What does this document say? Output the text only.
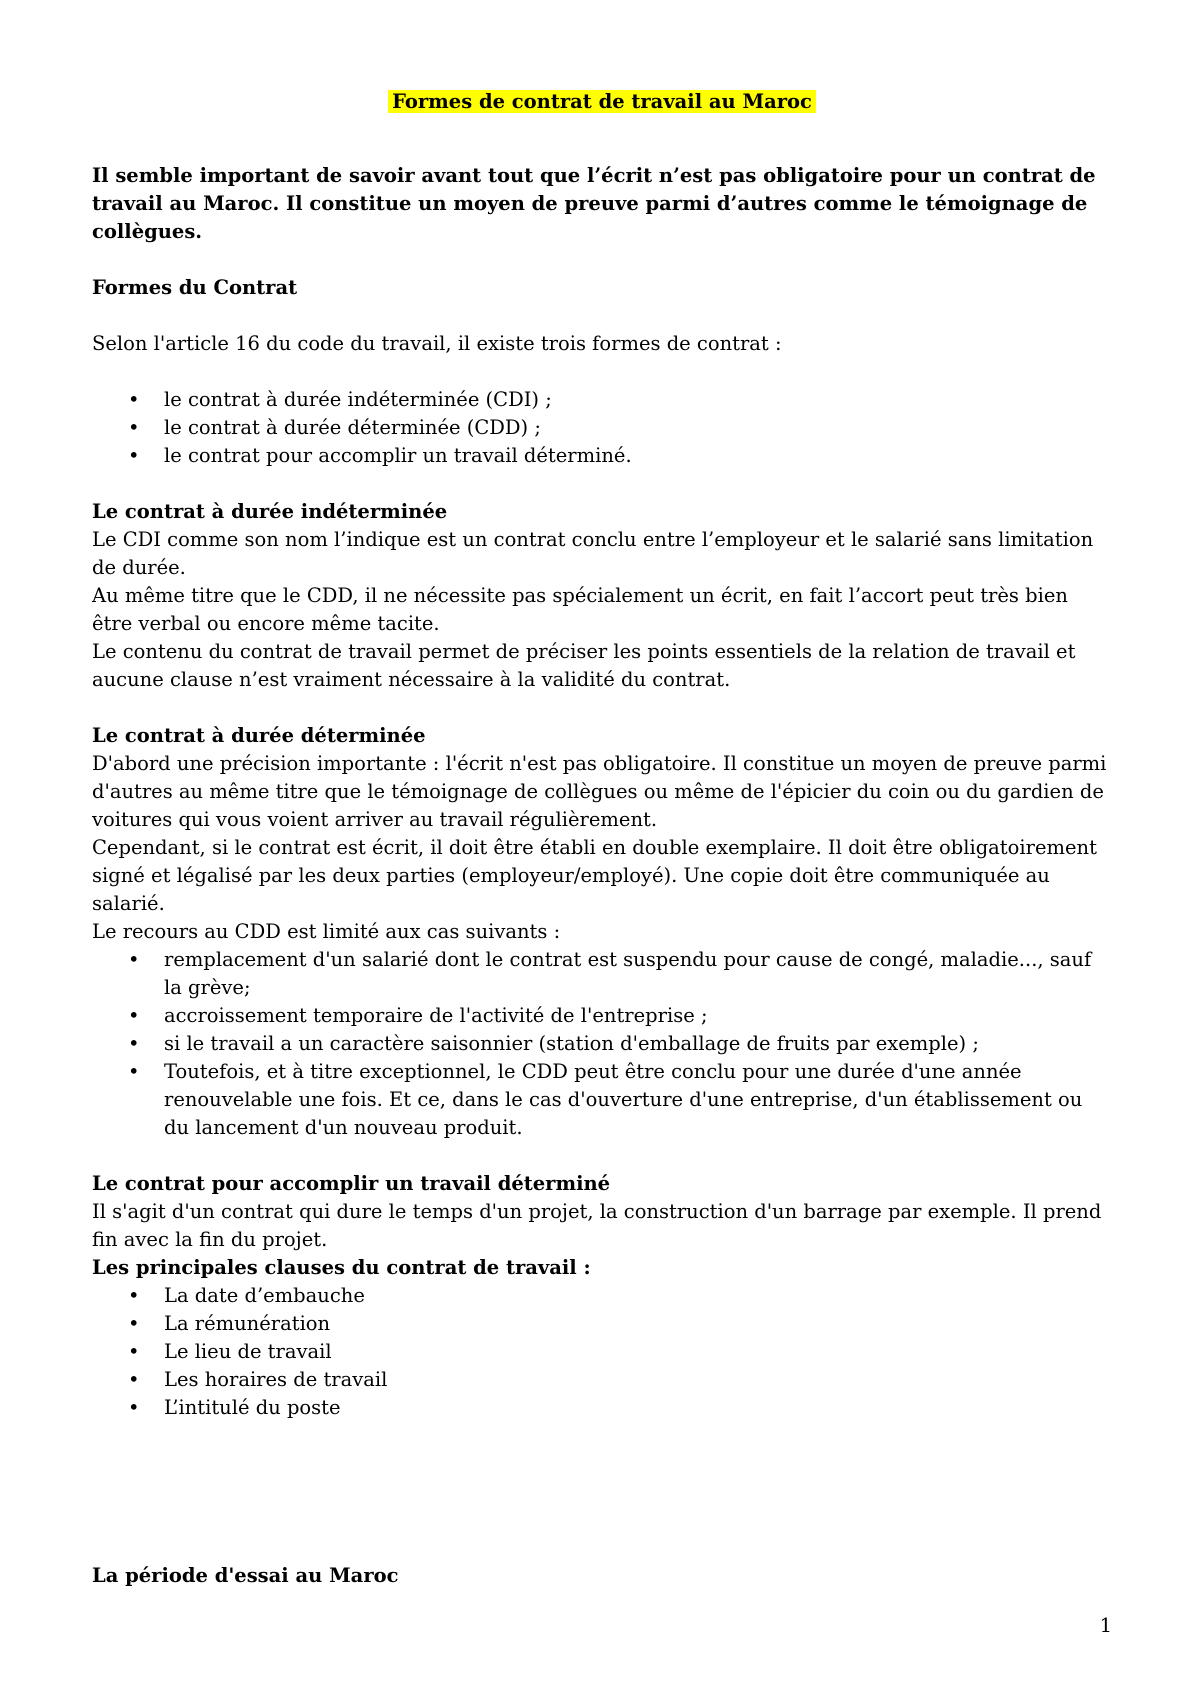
Formes de contrat de travail au Maroc

Il semble important de savoir avant tout que l’écrit n’est pas obligatoire pour un contrat de travail au Maroc. Il constitue un moyen de preuve parmi d’autres comme le témoignage de collègues.

Formes du Contrat

Selon l'article 16 du code du travail, il existe trois formes de contrat :

• le contrat à durée indéterminée (CDI) ;
• le contrat à durée déterminée (CDD) ;
• le contrat pour accomplir un travail déterminé.

Le contrat à durée indéterminée

Le CDI comme son nom l’indique est un contrat conclu entre l’employeur et le salarié sans limitation de durée.

Au même titre que le CDD, il ne nécessite pas spécialement un écrit, en fait l’accort peut très bien être verbal ou encore même tacite.

Le contenu du contrat de travail permet de préciser les points essentiels de la relation de travail et aucune clause n’est vraiment nécessaire à la validité du contrat.

Le contrat à durée déterminée

D'abord une précision importante : l'écrit n'est pas obligatoire. Il constitue un moyen de preuve parmi d'autres au même titre que le témoignage de collègues ou même de l'épicier du coin ou du gardien de voitures qui vous voient arriver au travail régulièrement.

Cependant, si le contrat est écrit, il doit être établi en double exemplaire. Il doit être obligatoirement signé et légalisé par les deux parties (employeur/employé). Une copie doit être communiquée au salarié.

Le recours au CDD est limité aux cas suivants :

• remplacement d'un salarié dont le contrat est suspendu pour cause de congé, maladie..., sauf la grève;
• accroissement temporaire de l'activité de l'entreprise ;
• si le travail a un caractère saisonnier (station d'emballage de fruits par exemple) ;
• Toutefois, et à titre exceptionnel, le CDD peut être conclu pour une durée d'une année renouvelable une fois. Et ce, dans le cas d'ouverture d'une entreprise, d'un établissement ou du lancement d'un nouveau produit.

Le contrat pour accomplir un travail déterminé

Il s'agit d'un contrat qui dure le temps d'un projet, la construction d'un barrage par exemple. Il prend fin avec la fin du projet.

Les principales clauses du contrat de travail :

• La date d’embauche
• La rémunération
• Le lieu de travail
• Les horaires de travail
• L’intitulé du poste

La période d'essai au Maroc

1
